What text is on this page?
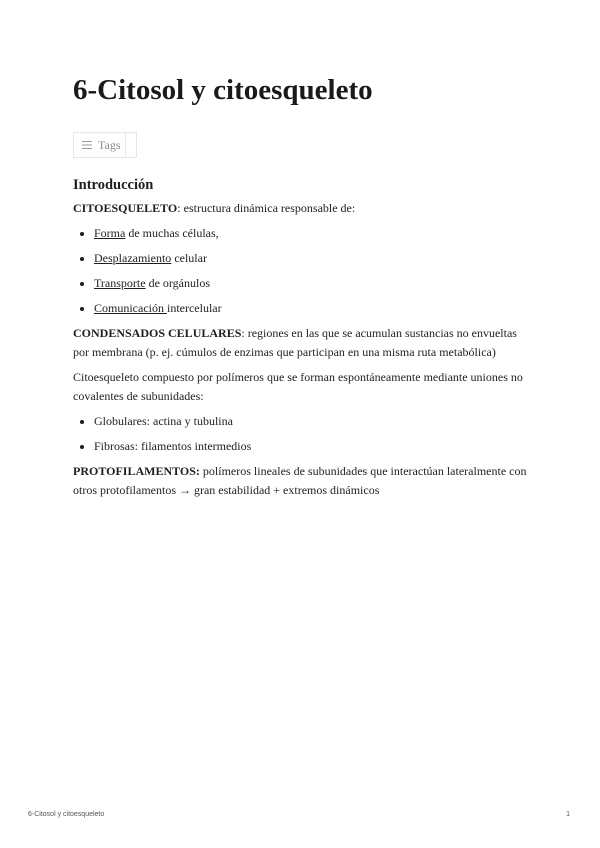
6-Citosol y citoesqueleto
Tags
Introducción

CITOESQUELETO: estructura dinámica responsable de:

• Forma de muchas células,
• Desplazamiento celular
• Transporte de orgánulos
• Comunicación intercelular

CONDENSADOS CELULARES: regiones en las que se acumulan sustancias no envueltas por membrana (p. ej. cúmulos de enzimas que participan en una misma ruta metabólica)

Citoesqueleto compuesto por polímeros que se forman espontáneamente mediante uniones no covalentes de subunidades:

• Globulares: actina y tubulina
• Fibrosas: filamentos intermedios

PROTOFILAMENTOS: polímeros lineales de subunidades que interactúan lateralmente con otros protofilamentos → gran estabilidad + extremos dinámicos

6-Citosol y citoesqueleto	1
